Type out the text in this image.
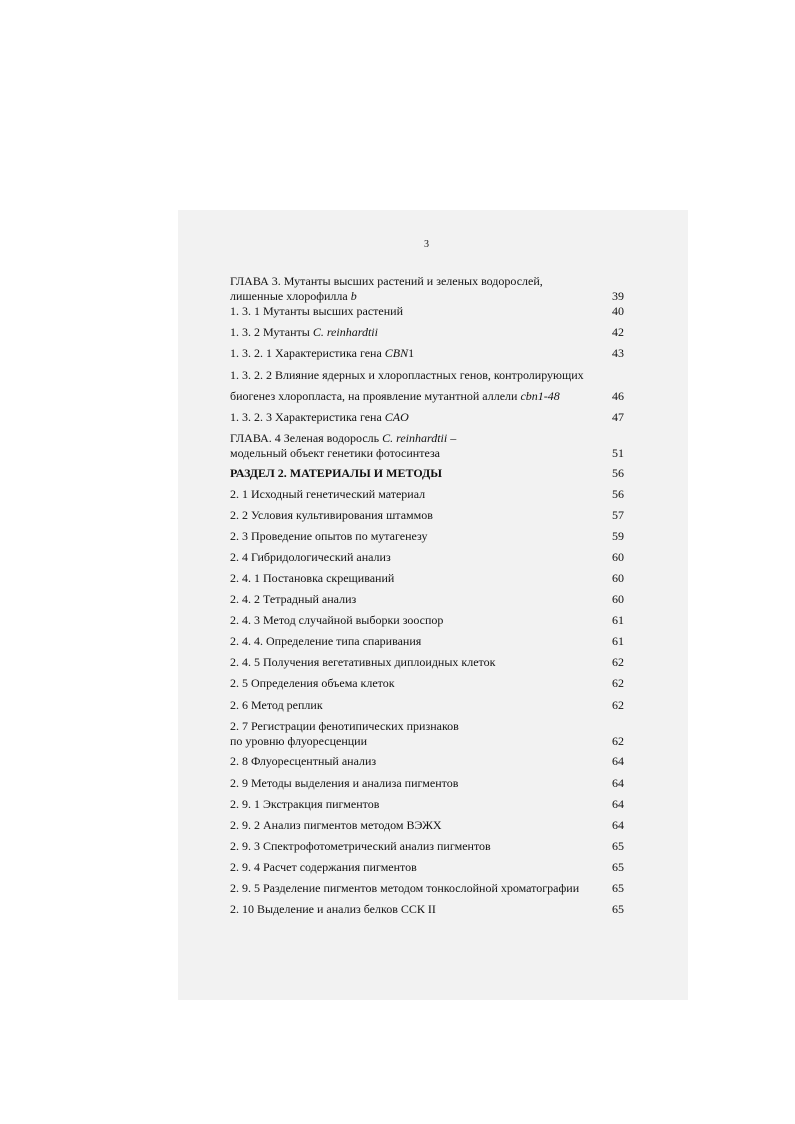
3
ГЛАВА 3. Мутанты высших растений и зеленых водорослей,
лишенные хлорофилла b	39
1. 3. 1 Мутанты высших растений	40
1. 3. 2 Мутанты C. reinhardtii	42
1. 3. 2. 1 Характеристика гена CBN1	43
1. 3. 2. 2 Влияние ядерных и хлоропластных генов, контролирующих
биогенез хлоропласта, на проявление мутантной аллели cbn1-48	46
1. 3. 2. 3 Характеристика гена CAO	47
ГЛАВА. 4 Зеленая водоросль C. reinhardtii –
модельный объект генетики фотосинтеза	51
РАЗДЕЛ 2. МАТЕРИАЛЫ И МЕТОДЫ	56
2. 1 Исходный генетический материал	56
2. 2 Условия культивирования штаммов	57
2. 3 Проведение опытов по мутагенезу	59
2. 4 Гибридологический анализ	60
2. 4. 1 Постановка скрещиваний	60
2. 4. 2 Тетрадный анализ	60
2. 4. 3 Метод случайной выборки зооспор	61
2. 4. 4. Определение типа спаривания	61
2. 4. 5 Получения вегетативных диплоидных клеток	62
2. 5 Определения объема клеток	62
2. 6 Метод реплик	62
2. 7 Регистрации фенотипических признаков
по уровню флуоресценции	62
2. 8 Флуоресцентный анализ	64
2. 9 Методы выделения и анализа пигментов	64
2. 9. 1 Экстракция пигментов	64
2. 9. 2 Анализ пигментов методом ВЭЖХ	64
2. 9. 3 Спектрофотометрический анализ пигментов	65
2. 9. 4 Расчет содержания пигментов	65
2. 9. 5 Разделение пигментов методом тонкослойной хроматографии	65
2. 10 Выделение и анализ белков ССК II	65
